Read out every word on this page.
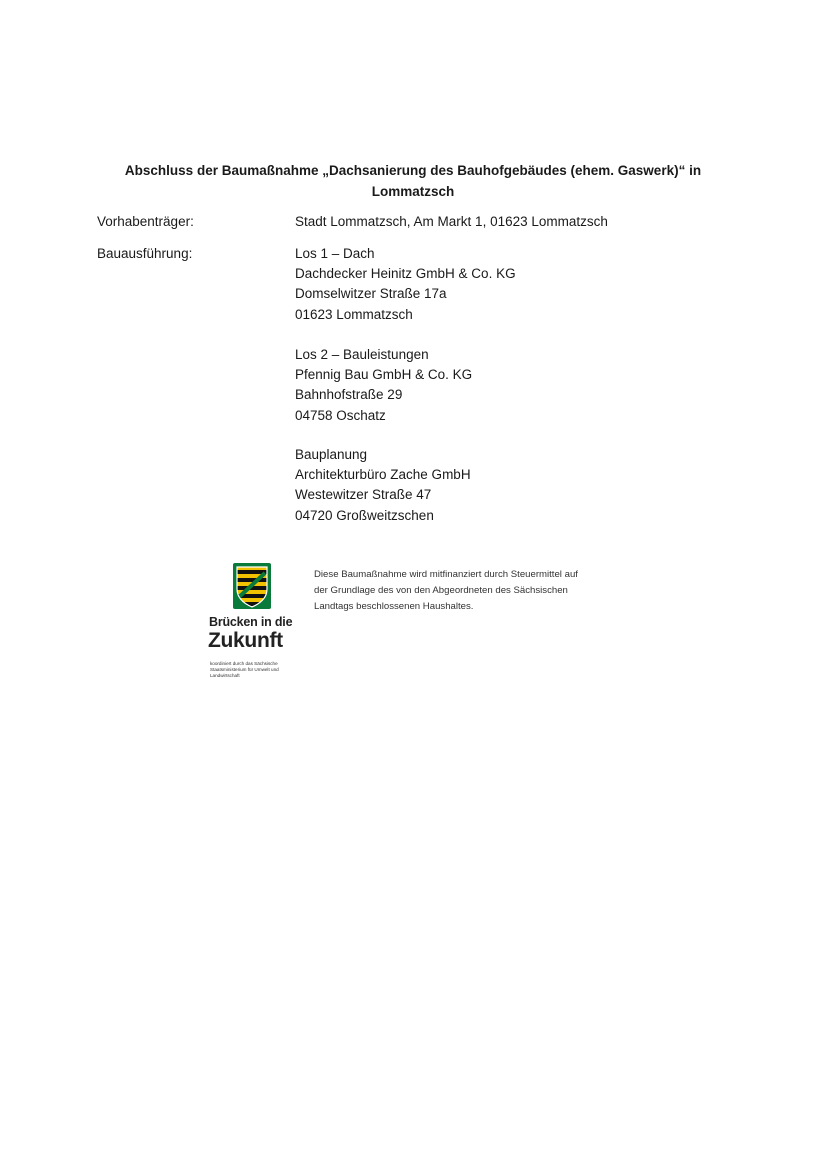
Abschluss der Baumaßnahme „Dachsanierung des Bauhofgebäudes (ehem. Gaswerk)“ in
Lommatzsch
Vorhabenträger:	Stadt Lommatzsch, Am Markt 1, 01623 Lommatzsch
Bauausführung:	Los 1 – Dach
Dachdecker Heinitz GmbH & Co. KG
Domselwitzer Straße 17a
01623 Lommatzsch
Los 2 – Bauleistungen
Pfennig Bau GmbH & Co. KG
Bahnhofstraße 29
04758 Oschatz
Bauplanung
Architekturbüro Zache GmbH
Westewitzer Straße 47
04720 Großweitzschen
Brücken in die
Zukunft
koordiniert durch das Sächsische
Staatsministerium für Umwelt und
Landwirtschaft
Diese Baumaßnahme wird mitfinanziert durch Steuermittel auf
der Grundlage des von den Abgeordneten des Sächsischen
Landtags beschlossenen Haushaltes.
